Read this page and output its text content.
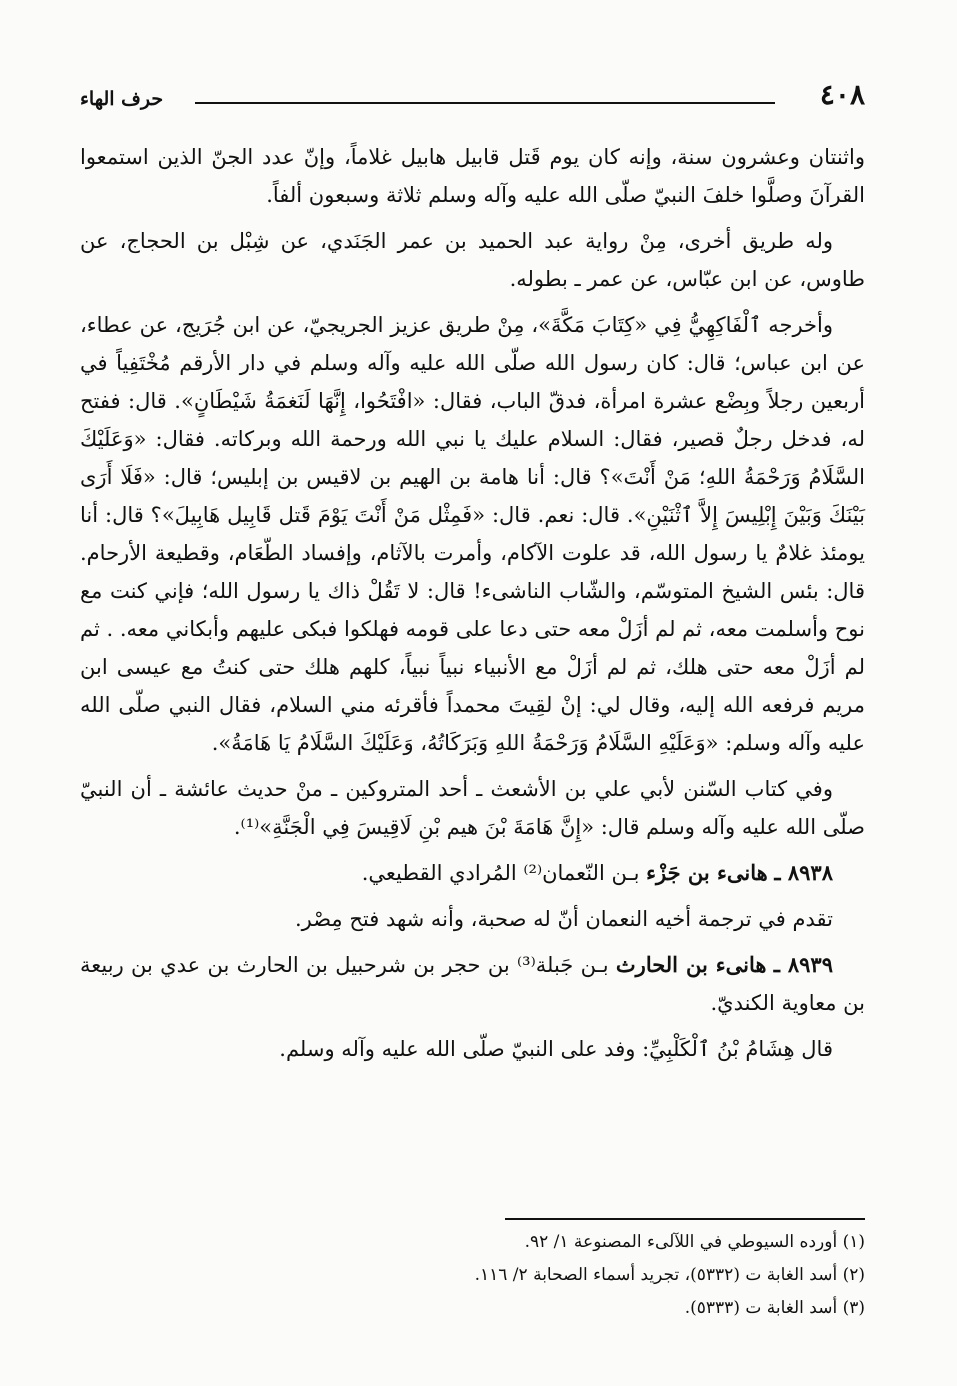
٤٠٨
حرف الهاء

واثنتان وعشرون سنة، وإنه كان يوم قَتل قابيل هابيل غلاماً، وإنّ عدد الجنّ الذين استمعوا القرآنَ وصلَّوا خلفَ النبيّ صلّى الله عليه وآله وسلم ثلاثة وسبعون ألفاً.

وله طريق أخرى، مِنْ رواية عبد الحميد بن عمر الجَنَدي، عن شِبْل بن الحجاج، عن طاوس، عن ابن عبّاس، عن عمر ـ بطوله.

وأخرجه ٱلْفَاكِهِيُّ فِي «كِتَابَ مَكَّةَ»، مِنْ طريق عزيز الجريجيّ، عن ابن جُرَيج، عن عطاء، عن ابن عباس؛ قال: كان رسول الله صلّى الله عليه وآله وسلم في دار الأرقم مُخْتَفِياً في أربعين رجلاً وبِضْع عشرة امرأة، فدقّ الباب، فقال: «افْتَحُوا، إِنَّهَا لَنَغمَةُ شَيْطَانٍ». قال: ففتح له، فدخل رجلٌ قصير، فقال: السلام عليك يا نبي الله ورحمة الله وبركاته. فقال: «وَعَلَيْكَ السَّلَامُ وَرَحْمَةُ اللهِ؛ مَنْ أَنْتَ»؟ قال: أنا هامة بن الهيم بن لاقيس بن إبليس؛ قال: «فَلَا أَرَى بَيْنَكَ وَبَيْنَ إِبْلِيسَ إِلاَّ ٱثْنَيْنِ». قال: نعم. قال: «فَمِثْل مَنْ أَنْتَ يَوْمَ قَتل قَابِيل هَابِيلَ»؟ قال: أنا يومئذ غلامٌ يا رسول الله، قد علوت الآكام، وأمرت بالآثام، وإفساد الطّعَام، وقطيعة الأرحام. قال: بئس الشيخ المتوسّم، والشّاب الناشىء! قال: لا تَقُلْ ذاك يا رسول الله؛ فإني كنت مع نوح وأسلمت معه، ثم لم أزَلْ معه حتى دعا على قومه فهلكوا فبكى عليهم وأبكاني معه. . ثم لم أزَلْ معه حتى هلك، ثم لم أزَلْ مع الأنبياء نبياً نبياً، كلهم هلك حتى كنتُ مع عيسى ابن مريم فرفعه الله إليه، وقال لي: إنْ لقِيتَ محمداً فأقرئه مني السلام، فقال النبي صلّى الله عليه وآله وسلم: «وَعَلَيْهِ السَّلَامُ وَرَحْمَةُ اللهِ وَبَرَكَاتُهُ، وَعَلَيْكَ السَّلَامُ يَا هَامَةُ».

وفي كتاب السّنن لأبي علي بن الأشعث ـ أحد المتروكين ـ منْ حديث عائشة ـ أن النبيّ صلّى الله عليه وآله وسلم قال: «إِنَّ هَامَةَ بْنَ هيم بْنِ لَاقِيسَ فِي الْجَنَّةِ»⁽¹⁾.

٨٩٣٨ ـ هانىء بن جَزْء بـن النّعمان⁽²⁾ المُرادي القطيعي.

تقدم في ترجمة أخيه النعمان أنّ له صحبة، وأنه شهد فتح مِصْر.

٨٩٣٩ ـ هانىء بن الحارث بـن جَبلة⁽³⁾ بن حجر بن شرحبيل بن الحارث بن عدي بن ربيعة بن معاوية الكنديّ.

قال هِشَامُ بْنُ ٱلْكَلْبِيِّ: وفد على النبيّ صلّى الله عليه وآله وسلم.

(١) أورده السيوطي في اللآلىء المصنوعة ١/ ٩٢.
(٢) أسد الغابة ت (٥٣٣٢)، تجريد أسماء الصحابة ٢/ ١١٦.
(٣) أسد الغابة ت (٥٣٣٣).
